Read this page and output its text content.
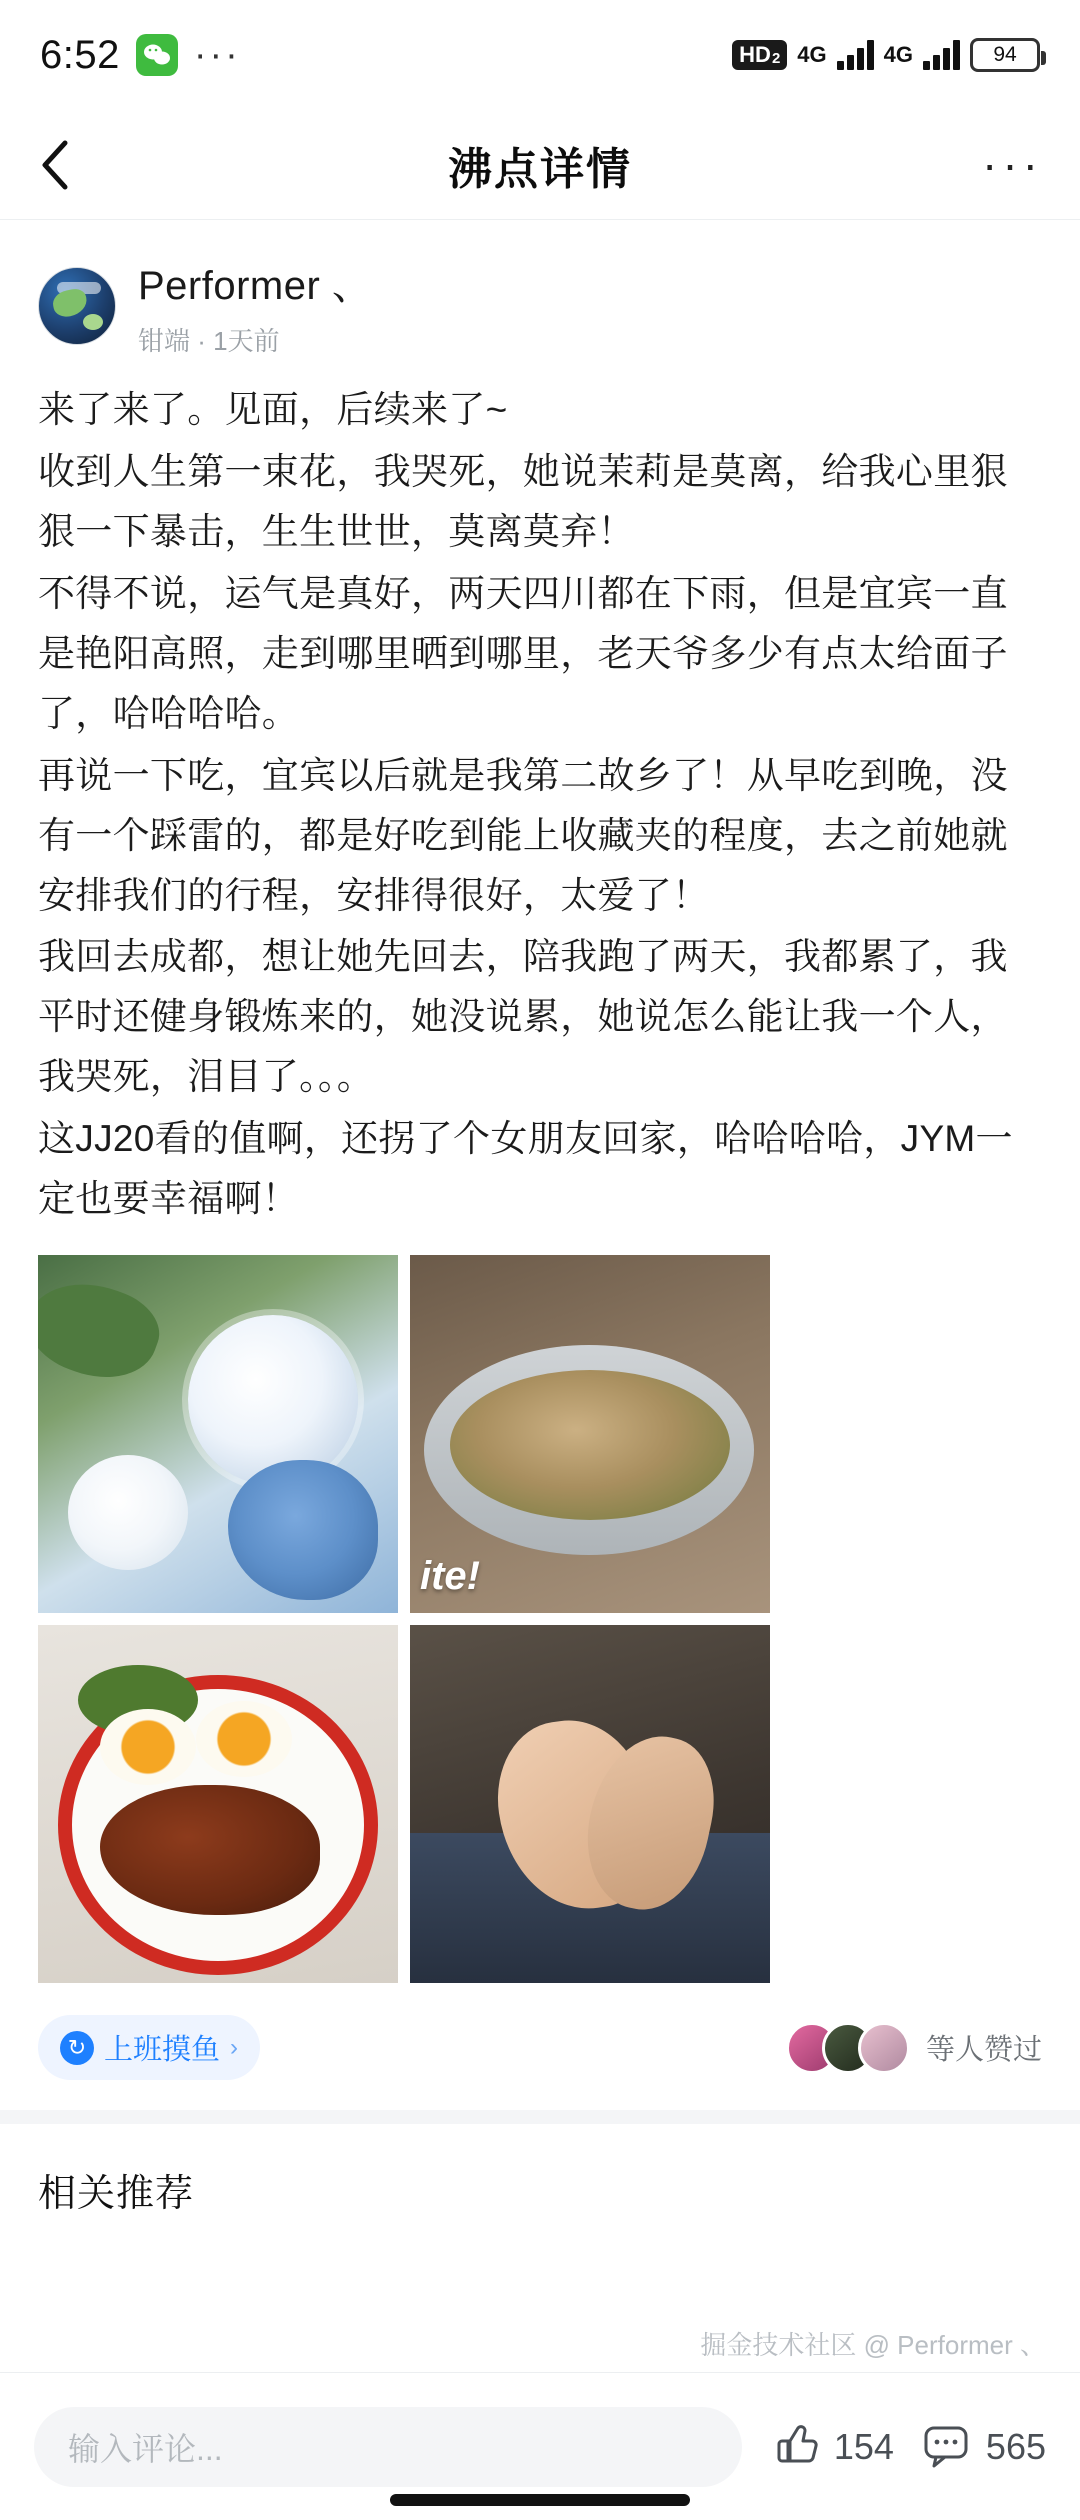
6:52 ···	HD 2 4G	4G	94
沸点详情	···
Performer 、
钳端 · 1天前

来了来了。见面，后续来了~

收到人生第一束花，我哭死，她说茉莉是莫离，给我心里狠狠一下暴击，生生世世，莫离莫弃！

不得不说，运气是真好，两天四川都在下雨，但是宜宾一直是艳阳高照，走到哪里晒到哪里，老天爷多少有点太给面子了，哈哈哈哈。

再说一下吃，宜宾以后就是我第二故乡了！从早吃到晚，没有一个踩雷的，都是好吃到能上收藏夹的程度，去之前她就安排我们的行程，安排得很好，太爱了！

我回去成都，想让她先回去，陪我跑了两天，我都累了，我平时还健身锻炼来的，她没说累，她说怎么能让我一个人，我哭死，泪目了。。。

这JJ20看的值啊，还拐了个女朋友回家，哈哈哈哈，JYM一定也要幸福啊！

ite!
↻ 上班摸鱼 ›	等人赞过
相关推荐
掘金技术社区 @ Performer 、
输入评论...	154	565
